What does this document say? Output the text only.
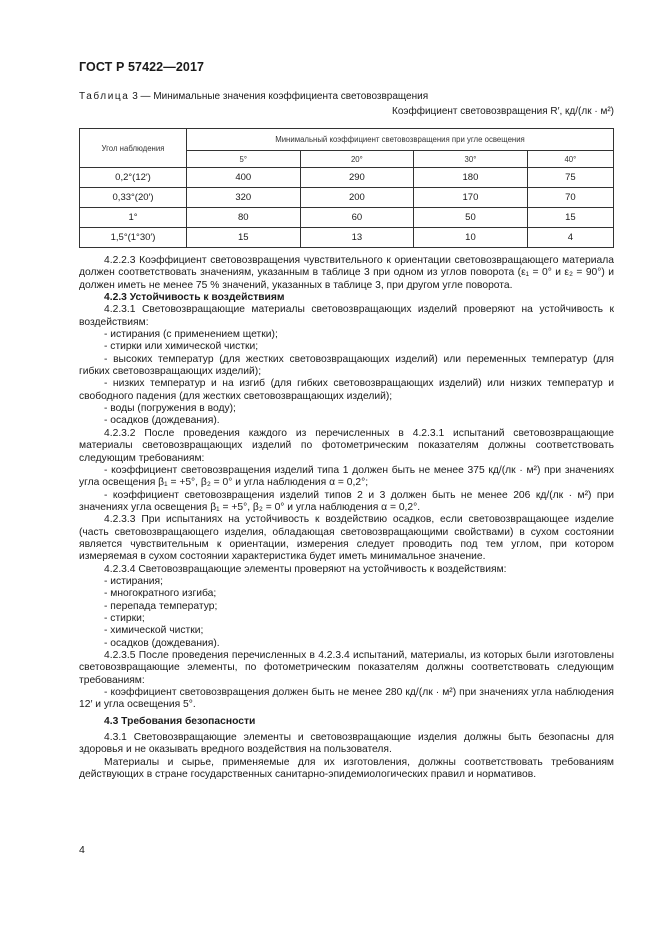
ГОСТ Р 57422—2017
Таблица 3 — Минимальные значения коэффициента световозвращения
Коэффициент световозвращения R′, кд/(лк · м²)
Угол наблюдения	Минимальный коэффициент световозвращения при угле освещения			
	5°	20°	30°	40°
0,2°(12′)	400	290	180	75
0,33°(20′)	320	200	170	70
1°	80	60	50	15
1,5°(1°30′)	15	13	10	4

4.2.2.3 Коэффициент световозвращения чувствительного к ориентации световозвращающего материала должен соответствовать значениям, указанным в таблице 3 при одном из углов поворота (ε₁ = 0° и ε₂ = 90°) и должен иметь не менее 75 % значений, указанных в таблице 3, при другом угле поворота.

4.2.3 Устойчивость к воздействиям

4.2.3.1 Световозвращающие материалы световозвращающих изделий проверяют на устойчивость к воздействиям:

- истирания (с применением щетки);

- стирки или химической чистки;

- высоких температур (для жестких световозвращающих изделий) или переменных температур (для гибких световозвращающих изделий);

- низких температур и на изгиб (для гибких световозвращающих изделий) или низких температур и свободного падения (для жестких световозвращающих изделий);

- воды (погружения в воду);

- осадков (дождевания).

4.2.3.2 После проведения каждого из перечисленных в 4.2.3.1 испытаний световозвращающие материалы световозвращающих изделий по фотометрическим показателям должны соответствовать следующим требованиям:

- коэффициент световозвращения изделий типа 1 должен быть не менее 375 кд/(лк · м²) при значениях угла освещения β₁ = +5°, β₂ = 0° и угла наблюдения α = 0,2°;

- коэффициент световозвращения изделий типов 2 и 3 должен быть не менее 206 кд/(лк · м²) при значениях угла освещения β₁ = +5°, β₂ = 0° и угла наблюдения α = 0,2°.

4.2.3.3 При испытаниях на устойчивость к воздействию осадков, если световозвращающее изделие (часть световозвращающего изделия, обладающая световозвращающими свойствами) в сухом состоянии является чувствительным к ориентации, измерения следует проводить под тем углом, при котором измеряемая в сухом состоянии характеристика будет иметь минимальное значение.

4.2.3.4 Световозвращающие элементы проверяют на устойчивость к воздействиям:

- истирания;

- многократного изгиба;

- перепада температур;

- стирки;

- химической чистки;

- осадков (дождевания).

4.2.3.5 После проведения перечисленных в 4.2.3.4 испытаний, материалы, из которых были изготовлены световозвращающие элементы, по фотометрическим показателям должны соответствовать следующим требованиям:

- коэффициент световозвращения должен быть не менее 280 кд/(лк · м²) при значениях угла наблюдения 12′ и угла освещения 5°.

4.3 Требования безопасности

4.3.1 Световозвращающие элементы и световозвращающие изделия должны быть безопасны для здоровья и не оказывать вредного воздействия на пользователя.

Материалы и сырье, применяемые для их изготовления, должны соответствовать требованиям действующих в стране государственных санитарно-эпидемиологических правил и нормативов.

4
